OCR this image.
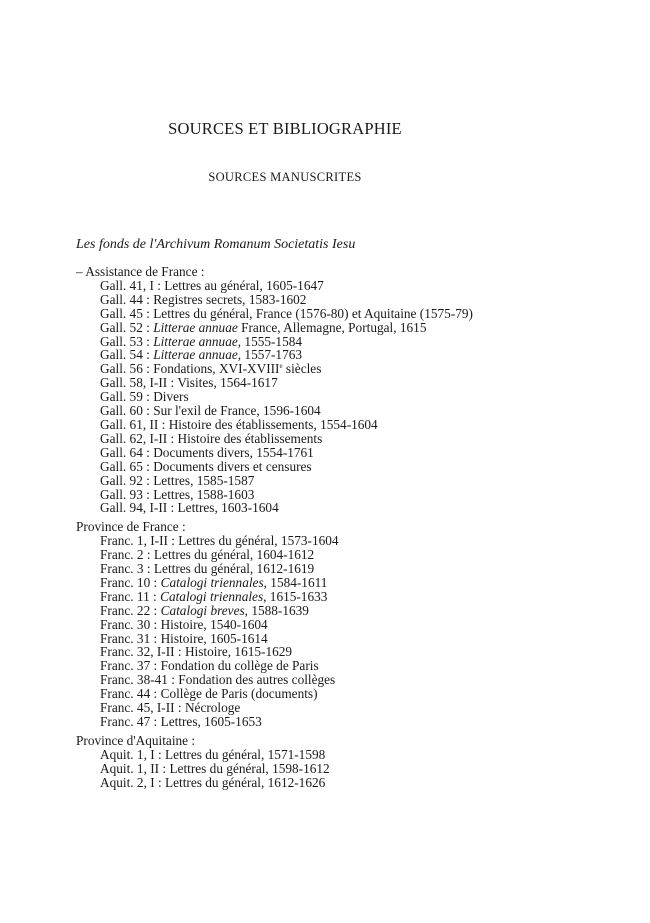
SOURCES ET BIBLIOGRAPHIE
SOURCES MANUSCRITES
Les fonds de l'Archivum Romanum Societatis Iesu
– Assistance de France :
Gall. 41, I : Lettres au général, 1605-1647
Gall. 44 : Registres secrets, 1583-1602
Gall. 45 : Lettres du général, France (1576-80) et Aquitaine (1575-79)
Gall. 52 : Litterae annuae France, Allemagne, Portugal, 1615
Gall. 53 : Litterae annuae, 1555-1584
Gall. 54 : Litterae annuae, 1557-1763
Gall. 56 : Fondations, XVI-XVIIIe siècles
Gall. 58, I-II : Visites, 1564-1617
Gall. 59 : Divers
Gall. 60 : Sur l'exil de France, 1596-1604
Gall. 61, II : Histoire des établissements, 1554-1604
Gall. 62, I-II : Histoire des établissements
Gall. 64 : Documents divers, 1554-1761
Gall. 65 : Documents divers et censures
Gall. 92 : Lettres, 1585-1587
Gall. 93 : Lettres, 1588-1603
Gall. 94, I-II : Lettres, 1603-1604
Province de France :
Franc. 1, I-II : Lettres du général, 1573-1604
Franc. 2 : Lettres du général, 1604-1612
Franc. 3 : Lettres du général, 1612-1619
Franc. 10 : Catalogi triennales, 1584-1611
Franc. 11 : Catalogi triennales, 1615-1633
Franc. 22 : Catalogi breves, 1588-1639
Franc. 30 : Histoire, 1540-1604
Franc. 31 : Histoire, 1605-1614
Franc. 32, I-II : Histoire, 1615-1629
Franc. 37 : Fondation du collège de Paris
Franc. 38-41 : Fondation des autres collèges
Franc. 44 : Collège de Paris (documents)
Franc. 45, I-II : Nécrologe
Franc. 47 : Lettres, 1605-1653
Province d'Aquitaine :
Aquit. 1, I : Lettres du général, 1571-1598
Aquit. 1, II : Lettres du général, 1598-1612
Aquit. 2, I : Lettres du général, 1612-1626
